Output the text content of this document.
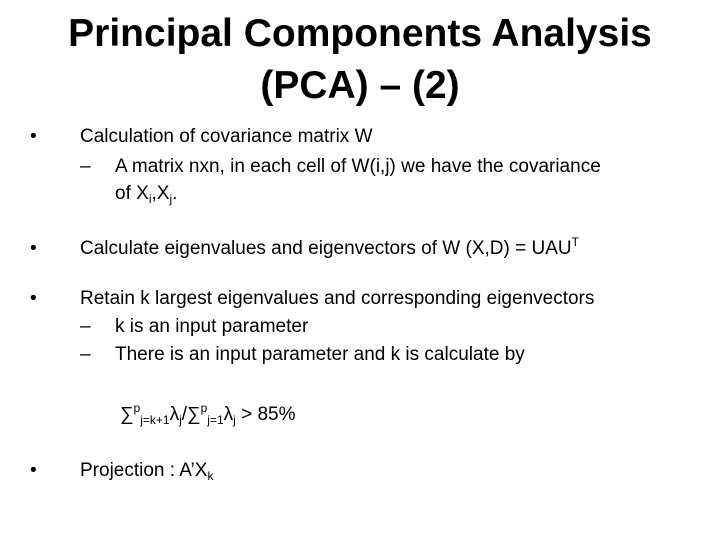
Principal Components Analysis
(PCA) – (2)
• Calculation of covariance matrix W
– A matrix nxn, in each cell of W(i,j) we have the covariance
of $X_i,X_j$.
• Calculate eigenvalues and eigenvectors of W $(X,D) = UAU^T$
• Retain k largest eigenvalues and corresponding eigenvectors
– k is an input parameter
– There is an input parameter and k is calculate by
$\sum^p_{j=k+1}\lambda_j/\sum^p_{j=1}\lambda_j > 85\%$
• Projection : $A’X_k$
